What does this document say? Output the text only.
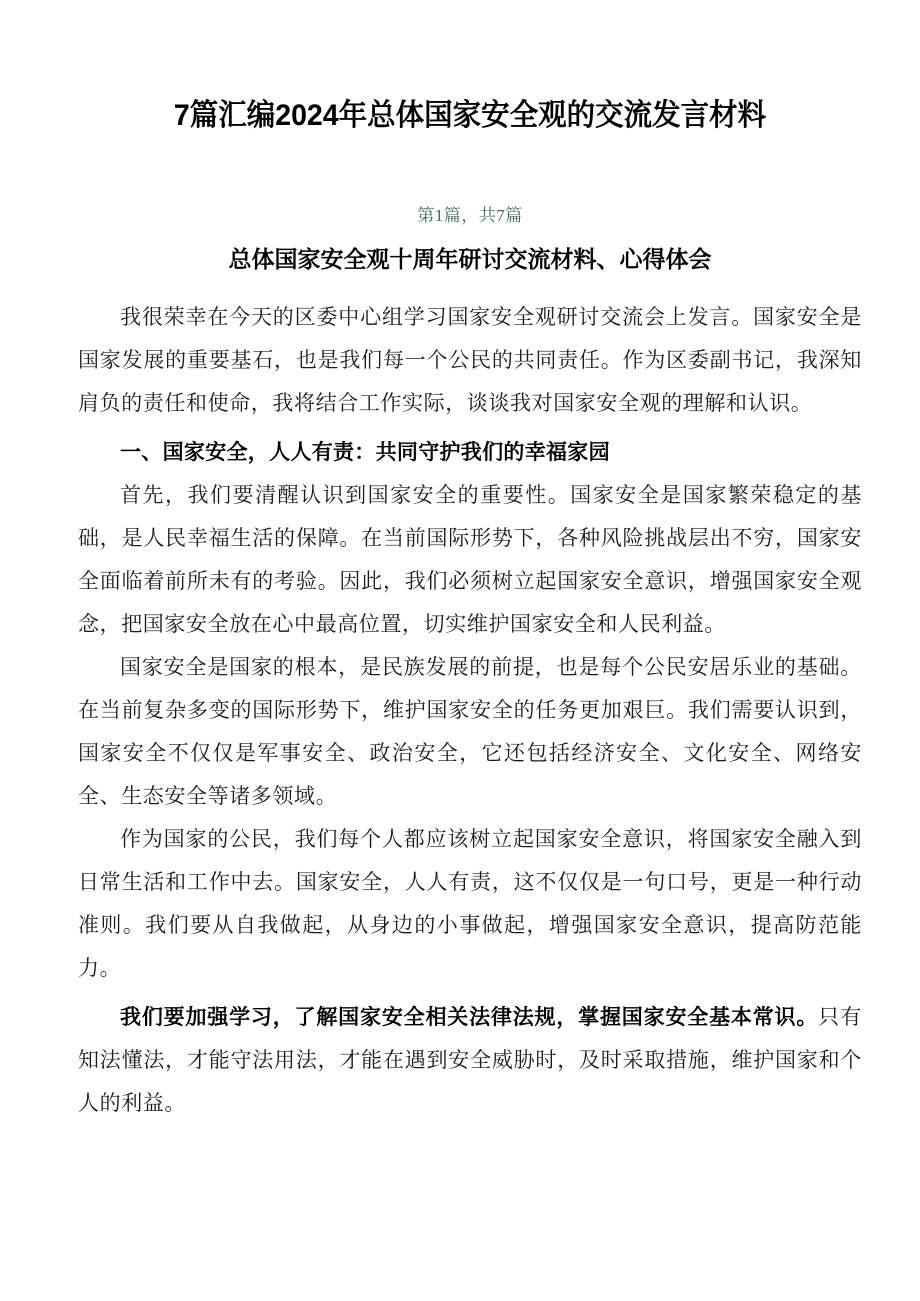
7篇汇编2024年总体国家安全观的交流发言材料
第1篇，共7篇
总体国家安全观十周年研讨交流材料、心得体会

我很荣幸在今天的区委中心组学习国家安全观研讨交流会上发言。国家安全是国家发展的重要基石，也是我们每一个公民的共同责任。作为区委副书记，我深知肩负的责任和使命，我将结合工作实际，谈谈我对国家安全观的理解和认识。

一、国家安全，人人有责：共同守护我们的幸福家园

首先，我们要清醒认识到国家安全的重要性。国家安全是国家繁荣稳定的基础，是人民幸福生活的保障。在当前国际形势下，各种风险挑战层出不穷，国家安全面临着前所未有的考验。因此，我们必须树立起国家安全意识，增强国家安全观念，把国家安全放在心中最高位置，切实维护国家安全和人民利益。

国家安全是国家的根本，是民族发展的前提，也是每个公民安居乐业的基础。在当前复杂多变的国际形势下，维护国家安全的任务更加艰巨。我们需要认识到，国家安全不仅仅是军事安全、政治安全，它还包括经济安全、文化安全、网络安全、生态安全等诸多领域。

作为国家的公民，我们每个人都应该树立起国家安全意识，将国家安全融入到日常生活和工作中去。国家安全，人人有责，这不仅仅是一句口号，更是一种行动准则。我们要从自我做起，从身边的小事做起，增强国家安全意识，提高防范能力。

我们要加强学习，了解国家安全相关法律法规，掌握国家安全基本常识。只有知法懂法，才能守法用法，才能在遇到安全威胁时，及时采取措施，维护国家和个人的利益。
